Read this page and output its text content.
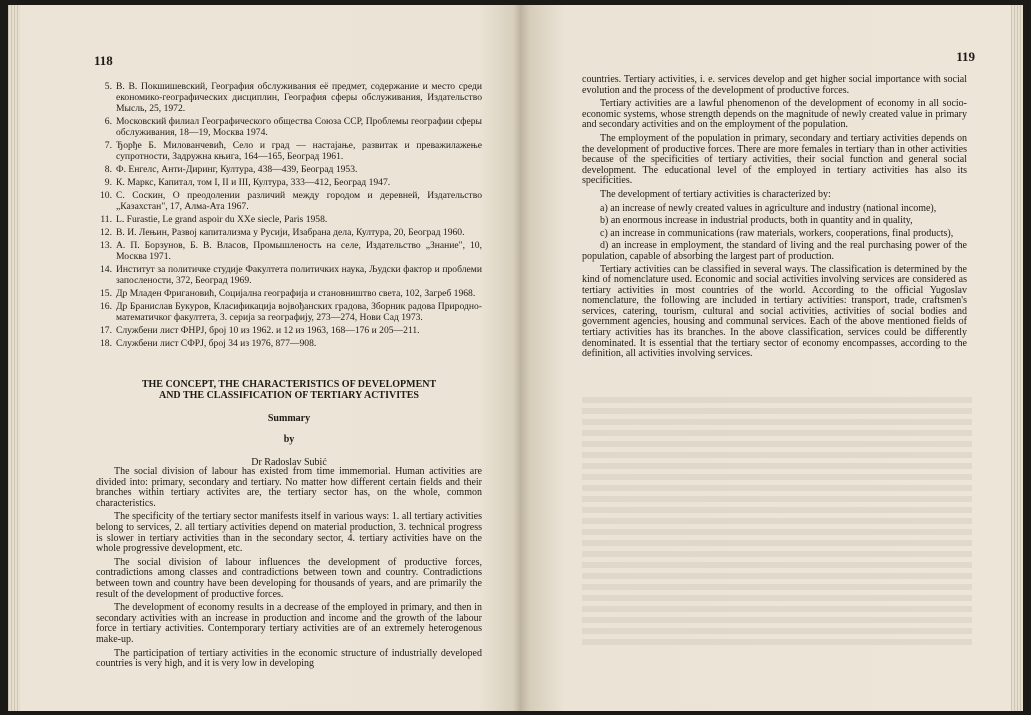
118
5. В. В. Покшишевский, География обслуживания её предмет, содержание и место среди економико-географических дисциплин, География сферы обслуживания, Издательство Мысль, 25, 1972.
6. Московский филиал Географического общества Союза ССР, Проблемы географии сферы обслуживания, 18—19, Москва 1974.
7. Ђорђе Б. Милованчевић, Село и град — настајање, развитак и преважилажење супротности, Задружна књига, 164—165, Београд 1961.
8. Ф. Енгелс, Анти-Диринг, Култура, 438—439, Београд 1953.
9. К. Маркс, Капитал, том I, II и III, Култура, 333—412, Београд 1947.
10. С. Соскин, О преодолении различий между городом и деревней, Издательство „Казахстан", 17, Алма-Ата 1967.
11. L. Furastie, Le grand aspoir du XXe siecle, Paris 1958.
12. В. И. Лењин, Развој капитализма у Русији, Изабрана дела, Култура, 20, Београд 1960.
13. А. П. Борзунов, Б. В. Власов, Промышленость на селе, Издательство „Знание", 10, Москва 1971.
14. Институт за политичке студије Факултета политичких наука, Људски фактор и проблеми запослености, 372, Београд 1969.
15. Др Младен Фригановић, Социјална географија и становништво света, 102, Загреб 1968.
16. Др Бранислав Букуров, Класификација војвођанских градова, Зборник радова Природно-математичког факултета, 3. серија за географију, 273—274, Нови Сад 1973.
17. Службени лист ФНРЈ, број 10 из 1962. и 12 из 1963, 168—176 и 205—211.
18. Службени лист СФРЈ, број 34 из 1976, 877—908.
THE CONCEPT, THE CHARACTERISTICS OF DEVELOPMENT
AND THE CLASSIFICATION OF TERTIARY ACTIVITES
Summary
by
Dr Radoslav Subić

The social division of labour has existed from time immemorial. Human activities are divided into: primary, secondary and tertiary. No matter how different certain fields and their branches within tertiary activites are, the tertiary sector has, on the whole, common characteristics.

The specificity of the tertiary sector manifests itself in various ways: 1. all tertiary activities belong to services, 2. all tertiary activities depend on material production, 3. technical progress is slower in tertiary activities than in the secondary sector, 4. tertiary activities have on the whole progressive development, etc.

The social division of labour influences the development of productive forces, contradictions among classes and contradictions between town and country. Contradictions between town and country have been developing for thousands of years, and are primarily the result of the development of productive forces.

The development of economy results in a decrease of the employed in primary, and then in secondary activities with an increase in production and income and the growth of the labour force in tertiary activities. Contemporary tertiary activities are of an extremely heterogenous make-up.

The participation of tertiary activities in the economic structure of industrially developed countries is very high, and it is very low in developing

119

countries. Tertiary activities, i. e. services develop and get higher social importance with social evolution and the process of the development of productive forces.

Tertiary activities are a lawful phenomenon of the development of economy in all socio-economic systems, whose strength depends on the magnitude of newly created value in primary and secondary activities and on the employment of the population.

The employment of the population in primary, secondary and tertiary activities depends on the development of productive forces. There are more females in tertiary than in other activities because of the specificities of tertiary activities, their social function and general social development. The educational level of the employed in tertiary activities has also its specificities.

The development of tertiary activities is characterized by:

a) an increase of newly created values in agriculture and industry (national income),

b) an enormous increase in industrial products, both in quantity and in quality,

c) an increase in communications (raw materials, workers, cooperations, final products),

d) an increase in employment, the standard of living and the real purchasing power of the population, capable of absorbing the largest part of production.

Tertiary activities can be classified in several ways. The classification is determined by the kind of nomenclature used. Economic and social activities involving services are considered as tertiary activities in most countries of the world. According to the official Yugoslav nomenclature, the following are included in tertiary activities: transport, trade, craftsmen's services, catering, tourism, cultural and social activities, activities of social bodies and government agencies, housing and communal services. Each of the above mentioned fields of tertiary activities has its branches. In the above classification, services could be differently denominated. It is essential that the tertiary sector of economy encompasses, according to the definition, all activities involving services.
